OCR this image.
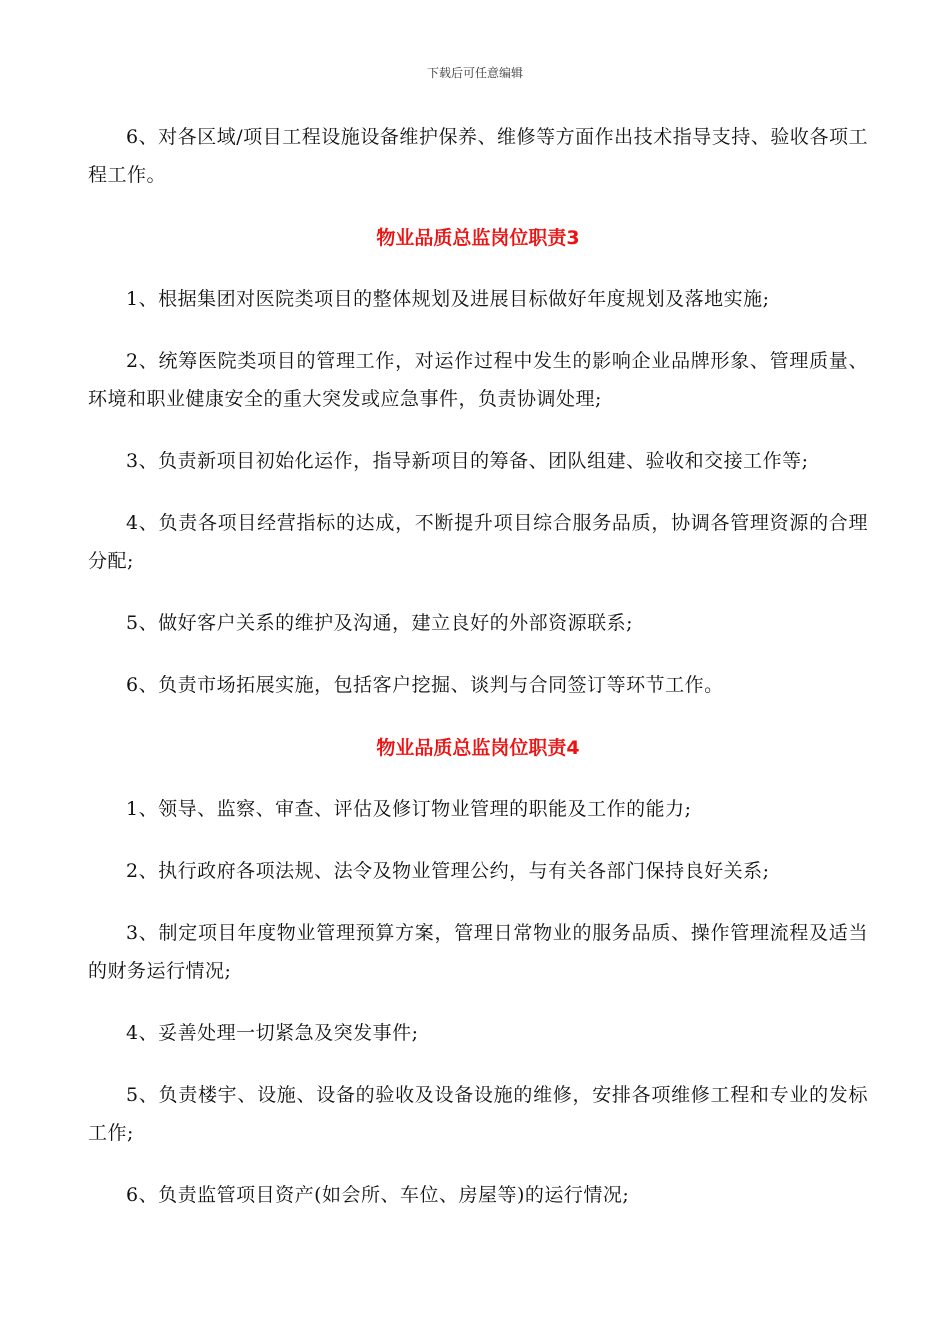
下载后可任意编辑

6、对各区域/项目工程设施设备维护保养、维修等方面作出技术指导支持、验收各项工程工作。

物业品质总监岗位职责3

1、根据集团对医院类项目的整体规划及进展目标做好年度规划及落地实施;

2、统筹医院类项目的管理工作，对运作过程中发生的影响企业品牌形象、管理质量、环境和职业健康安全的重大突发或应急事件，负责协调处理;

3、负责新项目初始化运作，指导新项目的筹备、团队组建、验收和交接工作等;

4、负责各项目经营指标的达成，不断提升项目综合服务品质，协调各管理资源的合理分配;

5、做好客户关系的维护及沟通，建立良好的外部资源联系;

6、负责市场拓展实施，包括客户挖掘、谈判与合同签订等环节工作。

物业品质总监岗位职责4

1、领导、监察、审查、评估及修订物业管理的职能及工作的能力;

2、执行政府各项法规、法令及物业管理公约，与有关各部门保持良好关系;

3、制定项目年度物业管理预算方案，管理日常物业的服务品质、操作管理流程及适当的财务运行情况;

4、妥善处理一切紧急及突发事件;

5、负责楼宇、设施、设备的验收及设备设施的维修，安排各项维修工程和专业的发标工作;

6、负责监管项目资产(如会所、车位、房屋等)的运行情况;
